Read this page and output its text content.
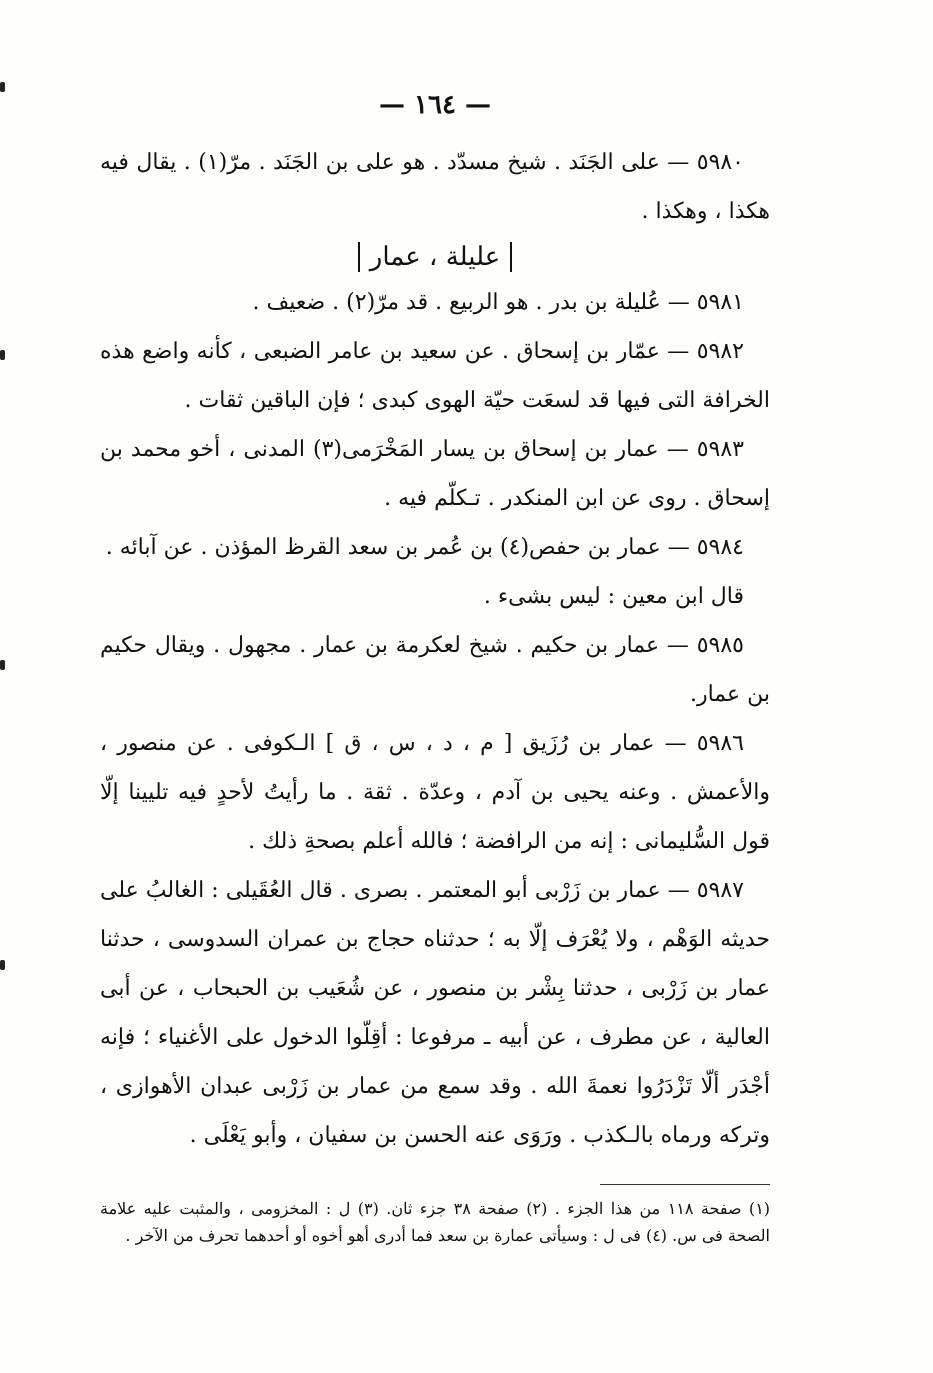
— ١٦٤ —

٥٩٨٠ — على الجَنَد . شيخ مسدّد . هو على بن الجَنَد . مرّ(١) . يقال فيه هكذا ، وهكذا .

عليلة ، عمار

٥٩٨١ — عُليلة بن بدر . هو الربيع . قد مرّ(٢) . ضعيف .

٥٩٨٢ — عمّار بن إسحاق . عن سعيد بن عامر الضبعى ، كأنه واضع هذه الخرافة التى فيها قد لسعَت حيّة الهوى كبدى ؛ فإن الباقين ثقات .

٥٩٨٣ — عمار بن إسحاق بن يسار المَخْرَمى(٣) المدنى ، أخو محمد بن إسحاق . روى عن ابن المنكدر . تـكلّم فيه .

٥٩٨٤ — عمار بن حفص(٤) بن عُمر بن سعد القرظ المؤذن . عن آبائه .

قال ابن معين : ليس بشىء .

٥٩٨٥ — عمار بن حكيم . شيخ لعكرمة بن عمار . مجهول . ويقال حكيم بن عمار.

٥٩٨٦ — عمار بن رُزَيق [ م ، د ، س ، ق ] الـكوفى . عن منصور ، والأعمش . وعنه يحيى بن آدم ، وعدّة . ثقة . ما رأيتُ لأحدٍ فيه تليينا إلّا قول السُّليمانى : إنه من الرافضة ؛ فالله أعلم بصحةِ ذلك .

٥٩٨٧ — عمار بن زَرْبى أبو المعتمر . بصرى . قال العُقَيلى : الغالبُ على حديثه الوَهْم ، ولا يُعْرَف إلّا به ؛ حدثناه حجاج بن عمران السدوسى ، حدثنا عمار بن زَرْبى ، حدثنا بِشْر بن منصور ، عن شُعَيب بن الحبحاب ، عن أبى العالية ، عن مطرف ، عن أبيه ـ مرفوعا : أقِلّوا الدخول على الأغنياء ؛ فإنه أجْدَر ألّا تَزْدَرُوا نعمةَ الله . وقد سمع من عمار بن زَرْبى عبدان الأهوازى ، وتركه ورماه بالـكذب . ورَوَى عنه الحسن بن سفيان ، وأبو يَعْلَى .

(١) صفحة ١١٨ من هذا الجزء . (٢) صفحة ٣٨ جزء ثان. (٣) ل : المخزومى ، والمثبت عليه علامة الصحة فى س. (٤) فى ل : وسيأتى عمارة بن سعد فما أدرى أهو أخوه أو أحدهما تحرف من الآخر .
